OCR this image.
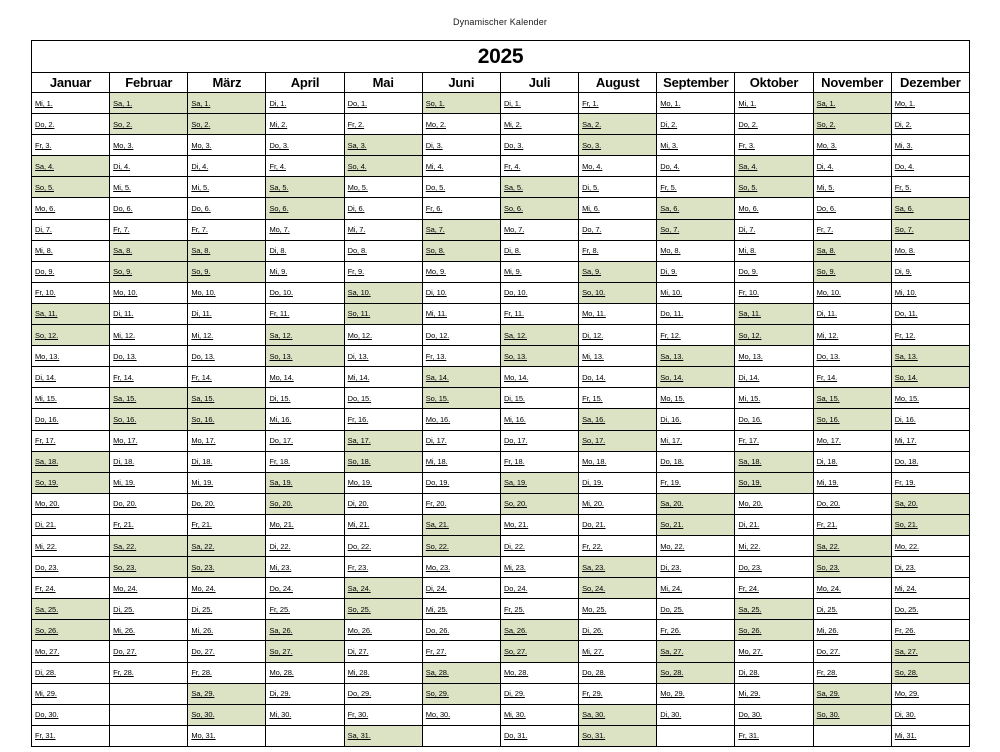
Dynamischer Kalender
2025											
Januar	Februar	März	April	Mai	Juni	Juli	August	September	Oktober	November	Dezember
Mi, 1.	Sa, 1.	Sa, 1.	Di, 1.	Do, 1.	So, 1.	Di, 1.	Fr, 1.	Mo, 1.	Mi, 1.	Sa, 1.	Mo, 1.
Do, 2.	So, 2.	So, 2.	Mi, 2.	Fr, 2.	Mo, 2.	Mi, 2.	Sa, 2.	Di, 2.	Do, 2.	So, 2.	Di, 2.
Fr, 3.	Mo, 3.	Mo, 3.	Do, 3.	Sa, 3.	Di, 3.	Do, 3.	So, 3.	Mi, 3.	Fr, 3.	Mo, 3.	Mi, 3.
Sa, 4.	Di, 4.	Di, 4.	Fr, 4.	So, 4.	Mi, 4.	Fr, 4.	Mo, 4.	Do, 4.	Sa, 4.	Di, 4.	Do, 4.
So, 5.	Mi, 5.	Mi, 5.	Sa, 5.	Mo, 5.	Do, 5.	Sa, 5.	Di, 5.	Fr, 5.	So, 5.	Mi, 5.	Fr, 5.
Mo, 6.	Do, 6.	Do, 6.	So, 6.	Di, 6.	Fr, 6.	So, 6.	Mi, 6.	Sa, 6.	Mo, 6.	Do, 6.	Sa, 6.
Di, 7.	Fr, 7.	Fr, 7.	Mo, 7.	Mi, 7.	Sa, 7.	Mo, 7.	Do, 7.	So, 7.	Di, 7.	Fr, 7.	So, 7.
Mi, 8.	Sa, 8.	Sa, 8.	Di, 8.	Do, 8.	So, 8.	Di, 8.	Fr, 8.	Mo, 8.	Mi, 8.	Sa, 8.	Mo, 8.
Do, 9.	So, 9.	So, 9.	Mi, 9.	Fr, 9.	Mo, 9.	Mi, 9.	Sa, 9.	Di, 9.	Do, 9.	So, 9.	Di, 9.
Fr, 10.	Mo, 10.	Mo, 10.	Do, 10.	Sa, 10.	Di, 10.	Do, 10.	So, 10.	Mi, 10.	Fr, 10.	Mo, 10.	Mi, 10.
Sa, 11.	Di, 11.	Di, 11.	Fr, 11.	So, 11.	Mi, 11.	Fr, 11.	Mo, 11.	Do, 11.	Sa, 11.	Di, 11.	Do, 11.
So, 12.	Mi, 12.	Mi, 12.	Sa, 12.	Mo, 12.	Do, 12.	Sa, 12.	Di, 12.	Fr, 12.	So, 12.	Mi, 12.	Fr, 12.
Mo, 13.	Do, 13.	Do, 13.	So, 13.	Di, 13.	Fr, 13.	So, 13.	Mi, 13.	Sa, 13.	Mo, 13.	Do, 13.	Sa, 13.
Di, 14.	Fr, 14.	Fr, 14.	Mo, 14.	Mi, 14.	Sa, 14.	Mo, 14.	Do, 14.	So, 14.	Di, 14.	Fr, 14.	So, 14.
Mi, 15.	Sa, 15.	Sa, 15.	Di, 15.	Do, 15.	So, 15.	Di, 15.	Fr, 15.	Mo, 15.	Mi, 15.	Sa, 15.	Mo, 15.
Do, 16.	So, 16.	So, 16.	Mi, 16.	Fr, 16.	Mo, 16.	Mi, 16.	Sa, 16.	Di, 16.	Do, 16.	So, 16.	Di, 16.
Fr, 17.	Mo, 17.	Mo, 17.	Do, 17.	Sa, 17.	Di, 17.	Do, 17.	So, 17.	Mi, 17.	Fr, 17.	Mo, 17.	Mi, 17.
Sa, 18.	Di, 18.	Di, 18.	Fr, 18.	So, 18.	Mi, 18.	Fr, 18.	Mo, 18.	Do, 18.	Sa, 18.	Di, 18.	Do, 18.
So, 19.	Mi, 19.	Mi, 19.	Sa, 19.	Mo, 19.	Do, 19.	Sa, 19.	Di, 19.	Fr, 19.	So, 19.	Mi, 19.	Fr, 19.
Mo, 20.	Do, 20.	Do, 20.	So, 20.	Di, 20.	Fr, 20.	So, 20.	Mi, 20.	Sa, 20.	Mo, 20.	Do, 20.	Sa, 20.
Di, 21.	Fr, 21.	Fr, 21.	Mo, 21.	Mi, 21.	Sa, 21.	Mo, 21.	Do, 21.	So, 21.	Di, 21.	Fr, 21.	So, 21.
Mi, 22.	Sa, 22.	Sa, 22.	Di, 22.	Do, 22.	So, 22.	Di, 22.	Fr, 22.	Mo, 22.	Mi, 22.	Sa, 22.	Mo, 22.
Do, 23.	So, 23.	So, 23.	Mi, 23.	Fr, 23.	Mo, 23.	Mi, 23.	Sa, 23.	Di, 23.	Do, 23.	So, 23.	Di, 23.
Fr, 24.	Mo, 24.	Mo, 24.	Do, 24.	Sa, 24.	Di, 24.	Do, 24.	So, 24.	Mi, 24.	Fr, 24.	Mo, 24.	Mi, 24.
Sa, 25.	Di, 25.	Di, 25.	Fr, 25.	So, 25.	Mi, 25.	Fr, 25.	Mo, 25.	Do, 25.	Sa, 25.	Di, 25.	Do, 25.
So, 26.	Mi, 26.	Mi, 26.	Sa, 26.	Mo, 26.	Do, 26.	Sa, 26.	Di, 26.	Fr, 26.	So, 26.	Mi, 26.	Fr, 26.
Mo, 27.	Do, 27.	Do, 27.	So, 27.	Di, 27.	Fr, 27.	So, 27.	Mi, 27.	Sa, 27.	Mo, 27.	Do, 27.	Sa, 27.
Di, 28.	Fr, 28.	Fr, 28.	Mo, 28.	Mi, 28.	Sa, 28.	Mo, 28.	Do, 28.	So, 28.	Di, 28.	Fr, 28.	So, 28.
Mi, 29.		Sa, 29.	Di, 29.	Do, 29.	So, 29.	Di, 29.	Fr, 29.	Mo, 29.	Mi, 29.	Sa, 29.	Mo, 29.
Do, 30.		So, 30.	Mi, 30.	Fr, 30.	Mo, 30.	Mi, 30.	Sa, 30.	Di, 30.	Do, 30.	So, 30.	Di, 30.
Fr, 31.		Mo, 31.		Sa, 31.		Do, 31.	So, 31.		Fr, 31.		Mi, 31.
